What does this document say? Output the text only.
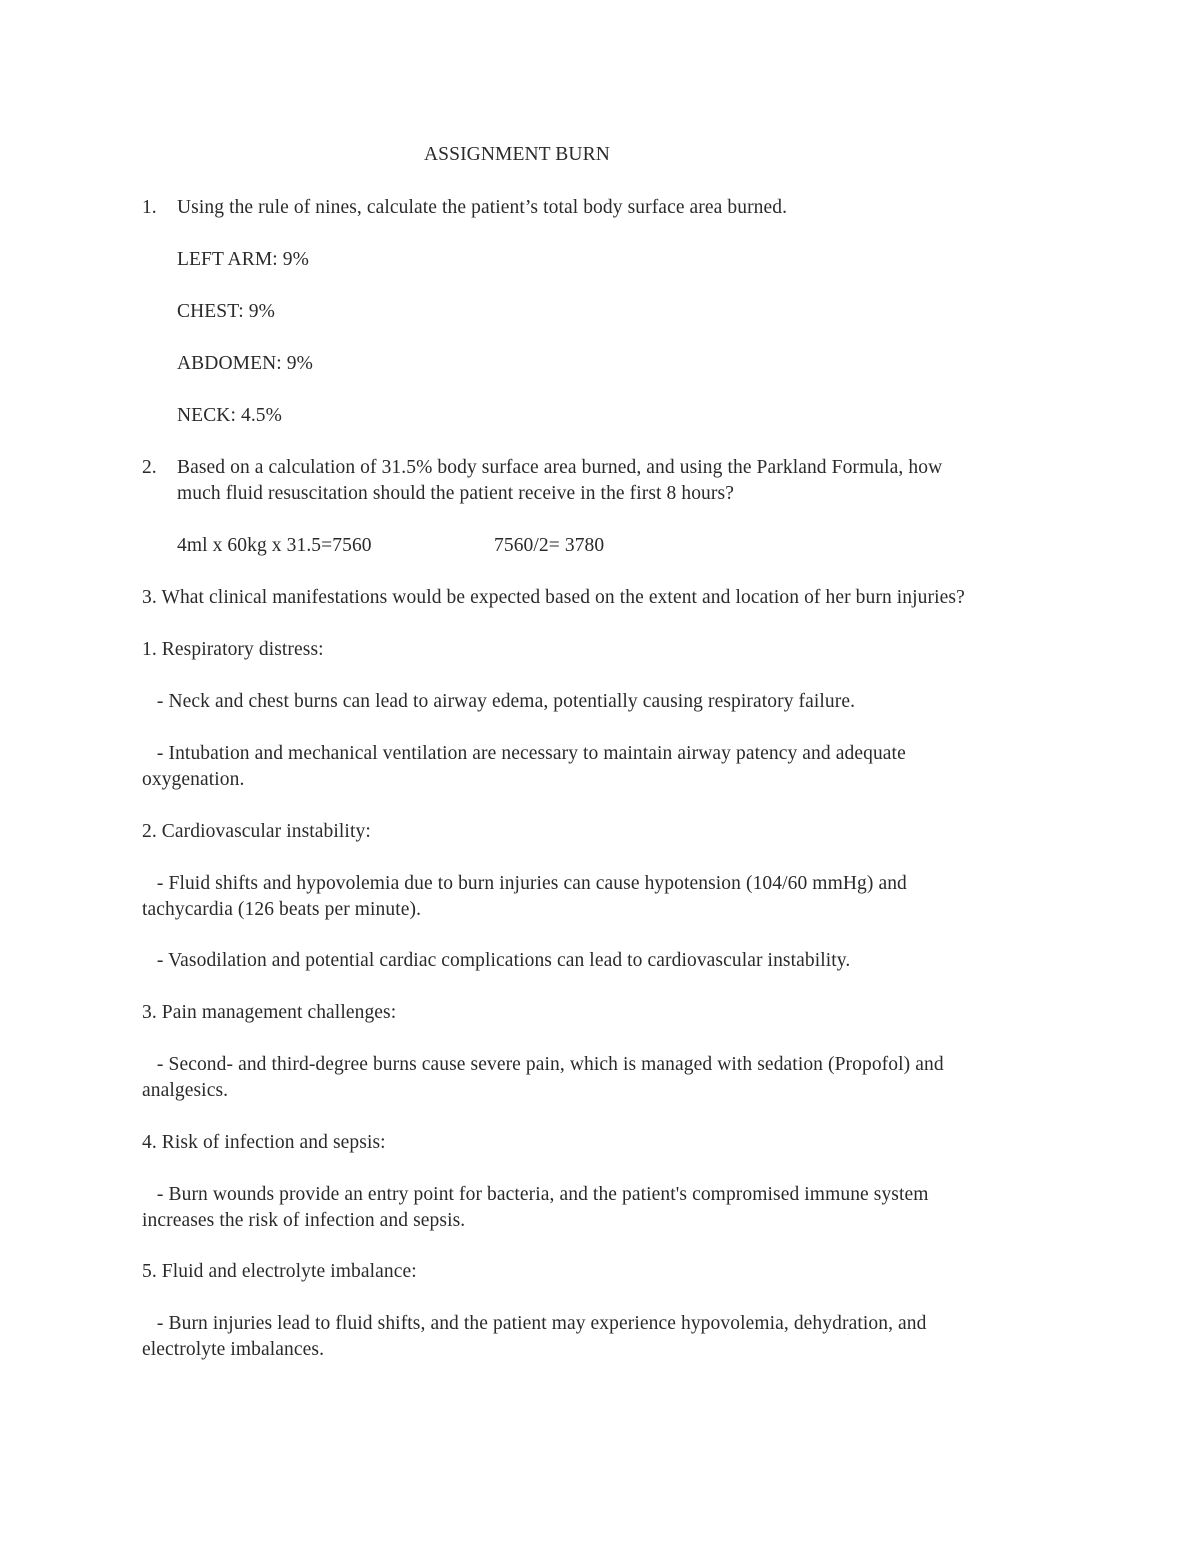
ASSIGNMENT BURN
1. Using the rule of nines, calculate the patient’s total body surface area burned.
LEFT ARM: 9%
CHEST: 9%
ABDOMEN: 9%
NECK: 4.5%
2. Based on a calculation of 31.5% body surface area burned, and using the Parkland Formula, how
much fluid resuscitation should the patient receive in the first 8 hours?
4ml x 60kg x 31.5=7560	7560/2= 3780
3. What clinical manifestations would be expected based on the extent and location of her burn injuries?
1. Respiratory distress:
- Neck and chest burns can lead to airway edema, potentially causing respiratory failure.
- Intubation and mechanical ventilation are necessary to maintain airway patency and adequate
oxygenation.
2. Cardiovascular instability:
- Fluid shifts and hypovolemia due to burn injuries can cause hypotension (104/60 mmHg) and
tachycardia (126 beats per minute).
- Vasodilation and potential cardiac complications can lead to cardiovascular instability.
3. Pain management challenges:
- Second- and third-degree burns cause severe pain, which is managed with sedation (Propofol) and
analgesics.
4. Risk of infection and sepsis:
- Burn wounds provide an entry point for bacteria, and the patient's compromised immune system
increases the risk of infection and sepsis.
5. Fluid and electrolyte imbalance:
- Burn injuries lead to fluid shifts, and the patient may experience hypovolemia, dehydration, and
electrolyte imbalances.
